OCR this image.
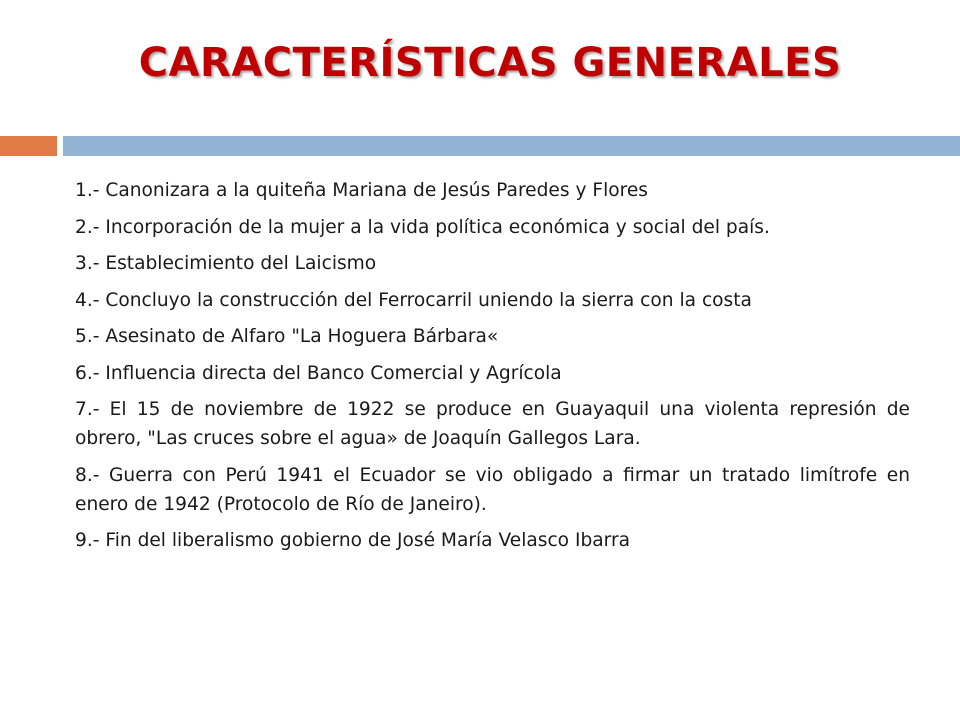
CARACTERÍSTICAS GENERALES
1.- Canonizara a la quiteña Mariana de Jesús Paredes y Flores
2.- Incorporación de la mujer a la vida política económica y social del país.
3.- Establecimiento del Laicismo
4.- Concluyo la construcción del Ferrocarril uniendo la sierra con la costa
5.- Asesinato de Alfaro "La Hoguera Bárbara«
6.- Influencia directa del Banco Comercial y Agrícola
7.- El 15 de noviembre de 1922 se produce en Guayaquil una violenta represión de obrero, "Las cruces sobre el agua» de Joaquín Gallegos Lara.
8.- Guerra con Perú 1941 el Ecuador se vio obligado a firmar un tratado limítrofe en enero de 1942 (Protocolo de Río de Janeiro).
9.- Fin del liberalismo gobierno de José María Velasco Ibarra
